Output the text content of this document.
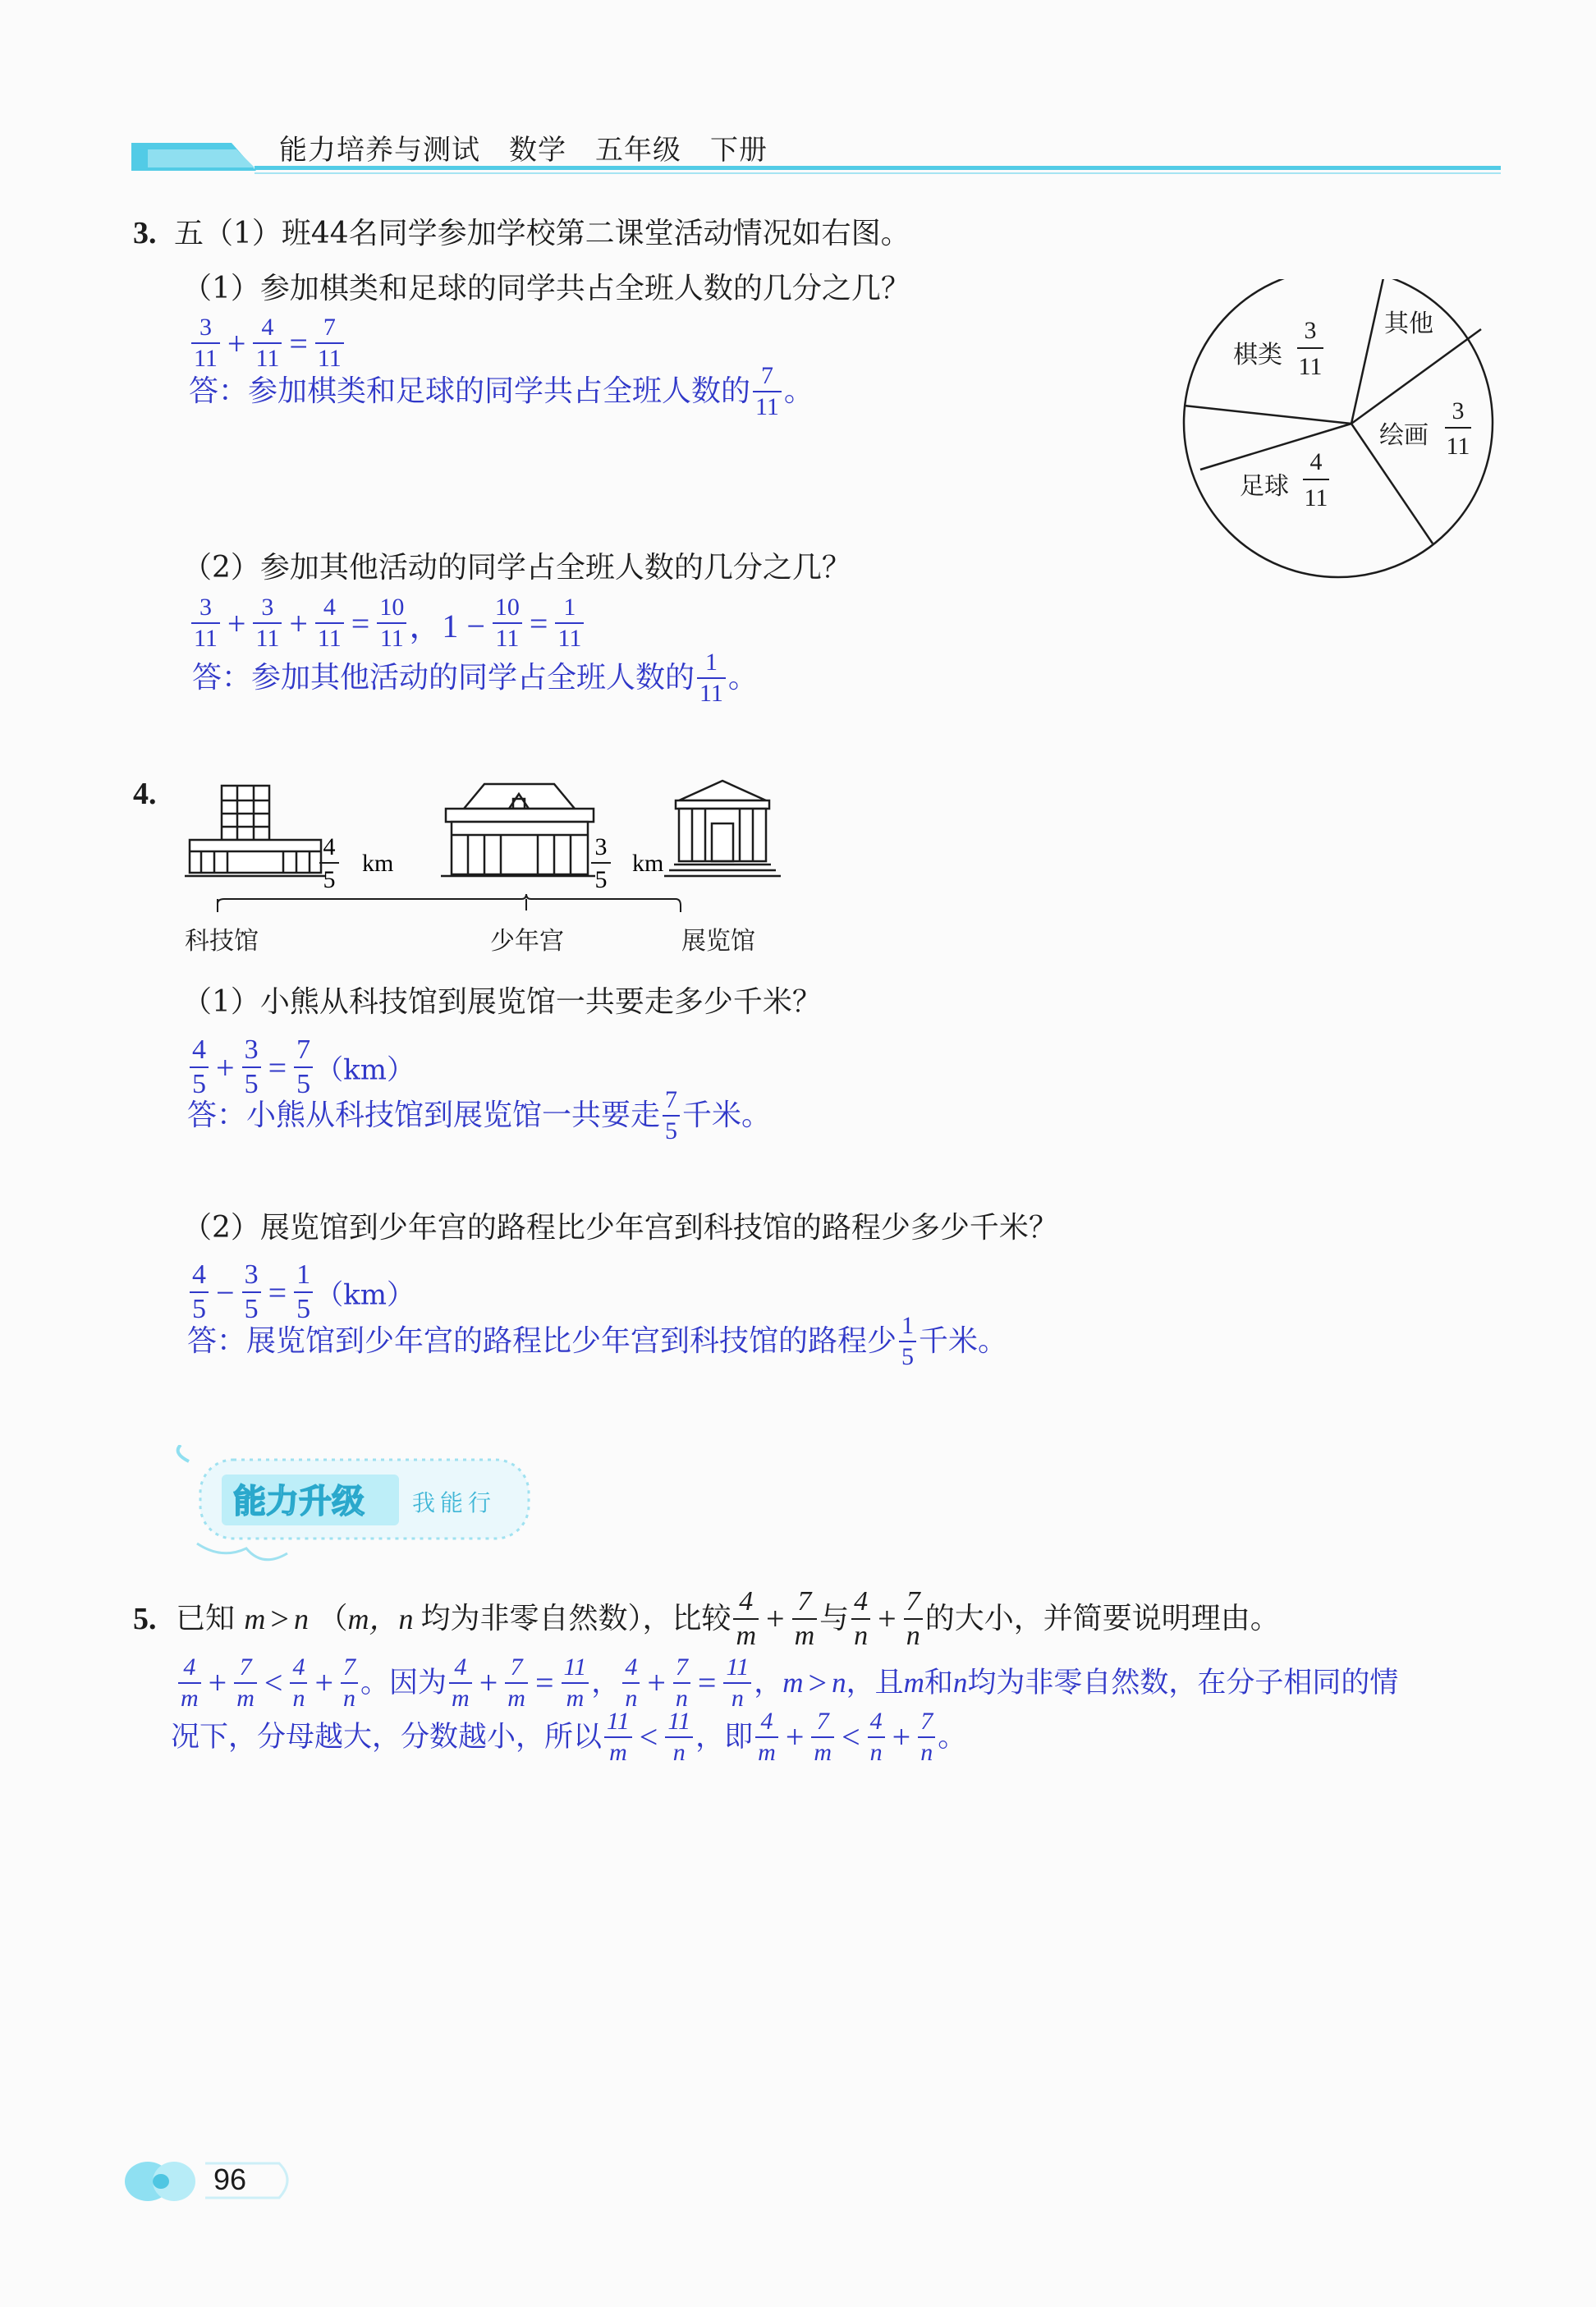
能力培养与测试　数学　五年级　下册
3. 五（1）班44名同学参加学校第二课堂活动情况如右图。
（1）参加棋类和足球的同学共占全班人数的几分之几？
$\frac{3}{11} + \frac{4}{11} = \frac{7}{11}$
答：参加棋类和足球的同学共占全班人数的 $\frac{7}{11}$ 。
棋类
3
11
其他
绘画
3
11
足球
4
11
（2）参加其他活动的同学占全班人数的几分之几？
$\frac{3}{11} + \frac{3}{11} + \frac{4}{11} = \frac{10}{11}$ ，$1 - \frac{10}{11} = \frac{1}{11}$
答：参加其他活动的同学占全班人数的 $\frac{1}{11}$ 。
4.
4
5
km
3
5
km
科技馆	少年宫	展览馆
（1）小熊从科技馆到展览馆一共要走多少千米？
$\frac{4}{5} + \frac{3}{5} = \frac{7}{5} (km)$
答：小熊从科技馆到展览馆一共要走 $\frac{7}{5}$ 千米。
（2）展览馆到少年宫的路程比少年宫到科技馆的路程少多少千米？
$\frac{4}{5} - \frac{3}{5} = \frac{1}{5} (km)$
答：展览馆到少年宫的路程比少年宫到科技馆的路程少 $\frac{1}{5}$ 千米。
能力升级 我能行
5. 已知 m > n （m，n 均为非零自然数），比较 $\frac{4}{m} + \frac{7}{m}$ 与 $\frac{4}{n} + \frac{7}{n}$ 的大小，并简要说明理由。
$\frac{4}{m} + \frac{7}{m} < \frac{4}{n} + \frac{7}{n}$ 。因为 $\frac{4}{m} + \frac{7}{m} = \frac{11}{m}$ ， $\frac{4}{n} + \frac{7}{n} = \frac{11}{n}$ ，m > n，且m和n均为非零自然数，在分子相同的情
况下，分母越大，分数越小，所以 $\frac{11}{m} < \frac{11}{n}$ ，即 $\frac{4}{m} + \frac{7}{m} < \frac{4}{n} + \frac{7}{n}$ 。
96
